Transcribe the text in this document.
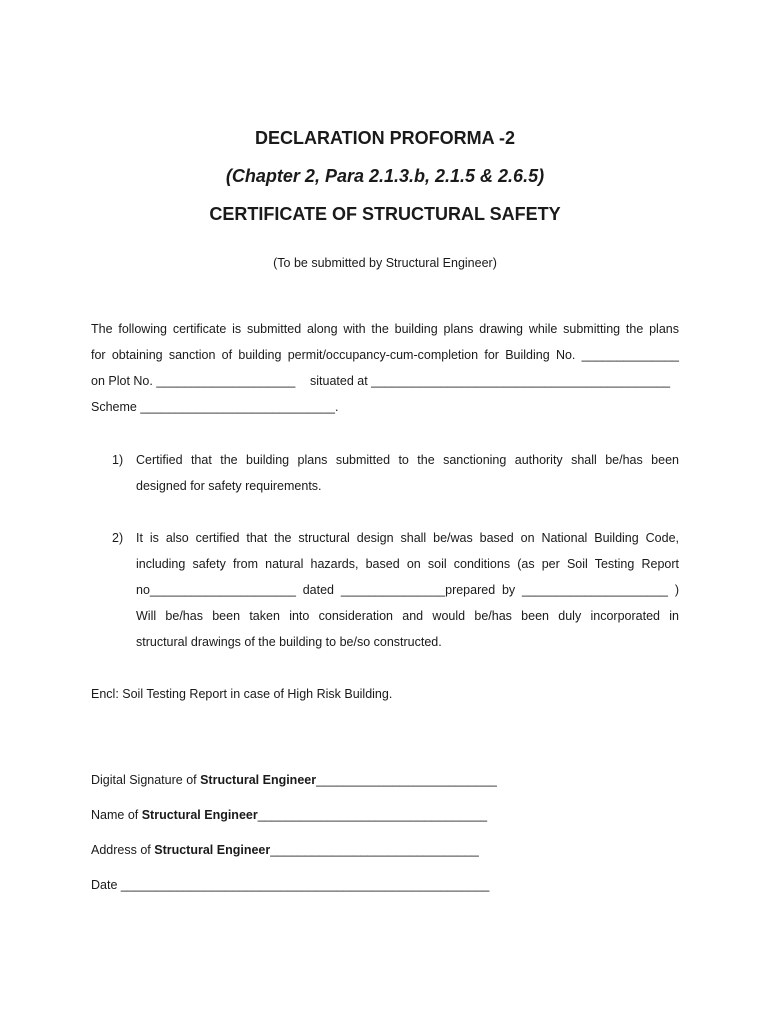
DECLARATION PROFORMA -2
(Chapter 2, Para 2.1.3.b, 2.1.5 & 2.6.5)
CERTIFICATE OF STRUCTURAL SAFETY
(To be submitted by Structural Engineer)
The following certificate is submitted along with the building plans drawing while submitting the plans
for obtaining sanction of building permit/occupancy-cum-completion for Building No. ______________
on Plot No. ____________________ situated at ___________________________________________
Scheme ____________________________.
1) Certified that the building plans submitted to the sanctioning authority shall be/has been
designed for safety requirements.
2) It is also certified that the structural design shall be/was based on National Building Code,
including safety from natural hazards, based on soil conditions (as per Soil Testing Report
no_____________________ dated _______________prepared by _____________________ )
Will be/has been taken into consideration and would be/has been duly incorporated in
structural drawings of the building to be/so constructed.
Encl: Soil Testing Report in case of High Risk Building.
Digital Signature of Structural Engineer__________________________
Name of Structural Engineer_________________________________
Address of Structural Engineer______________________________
Date _____________________________________________________
